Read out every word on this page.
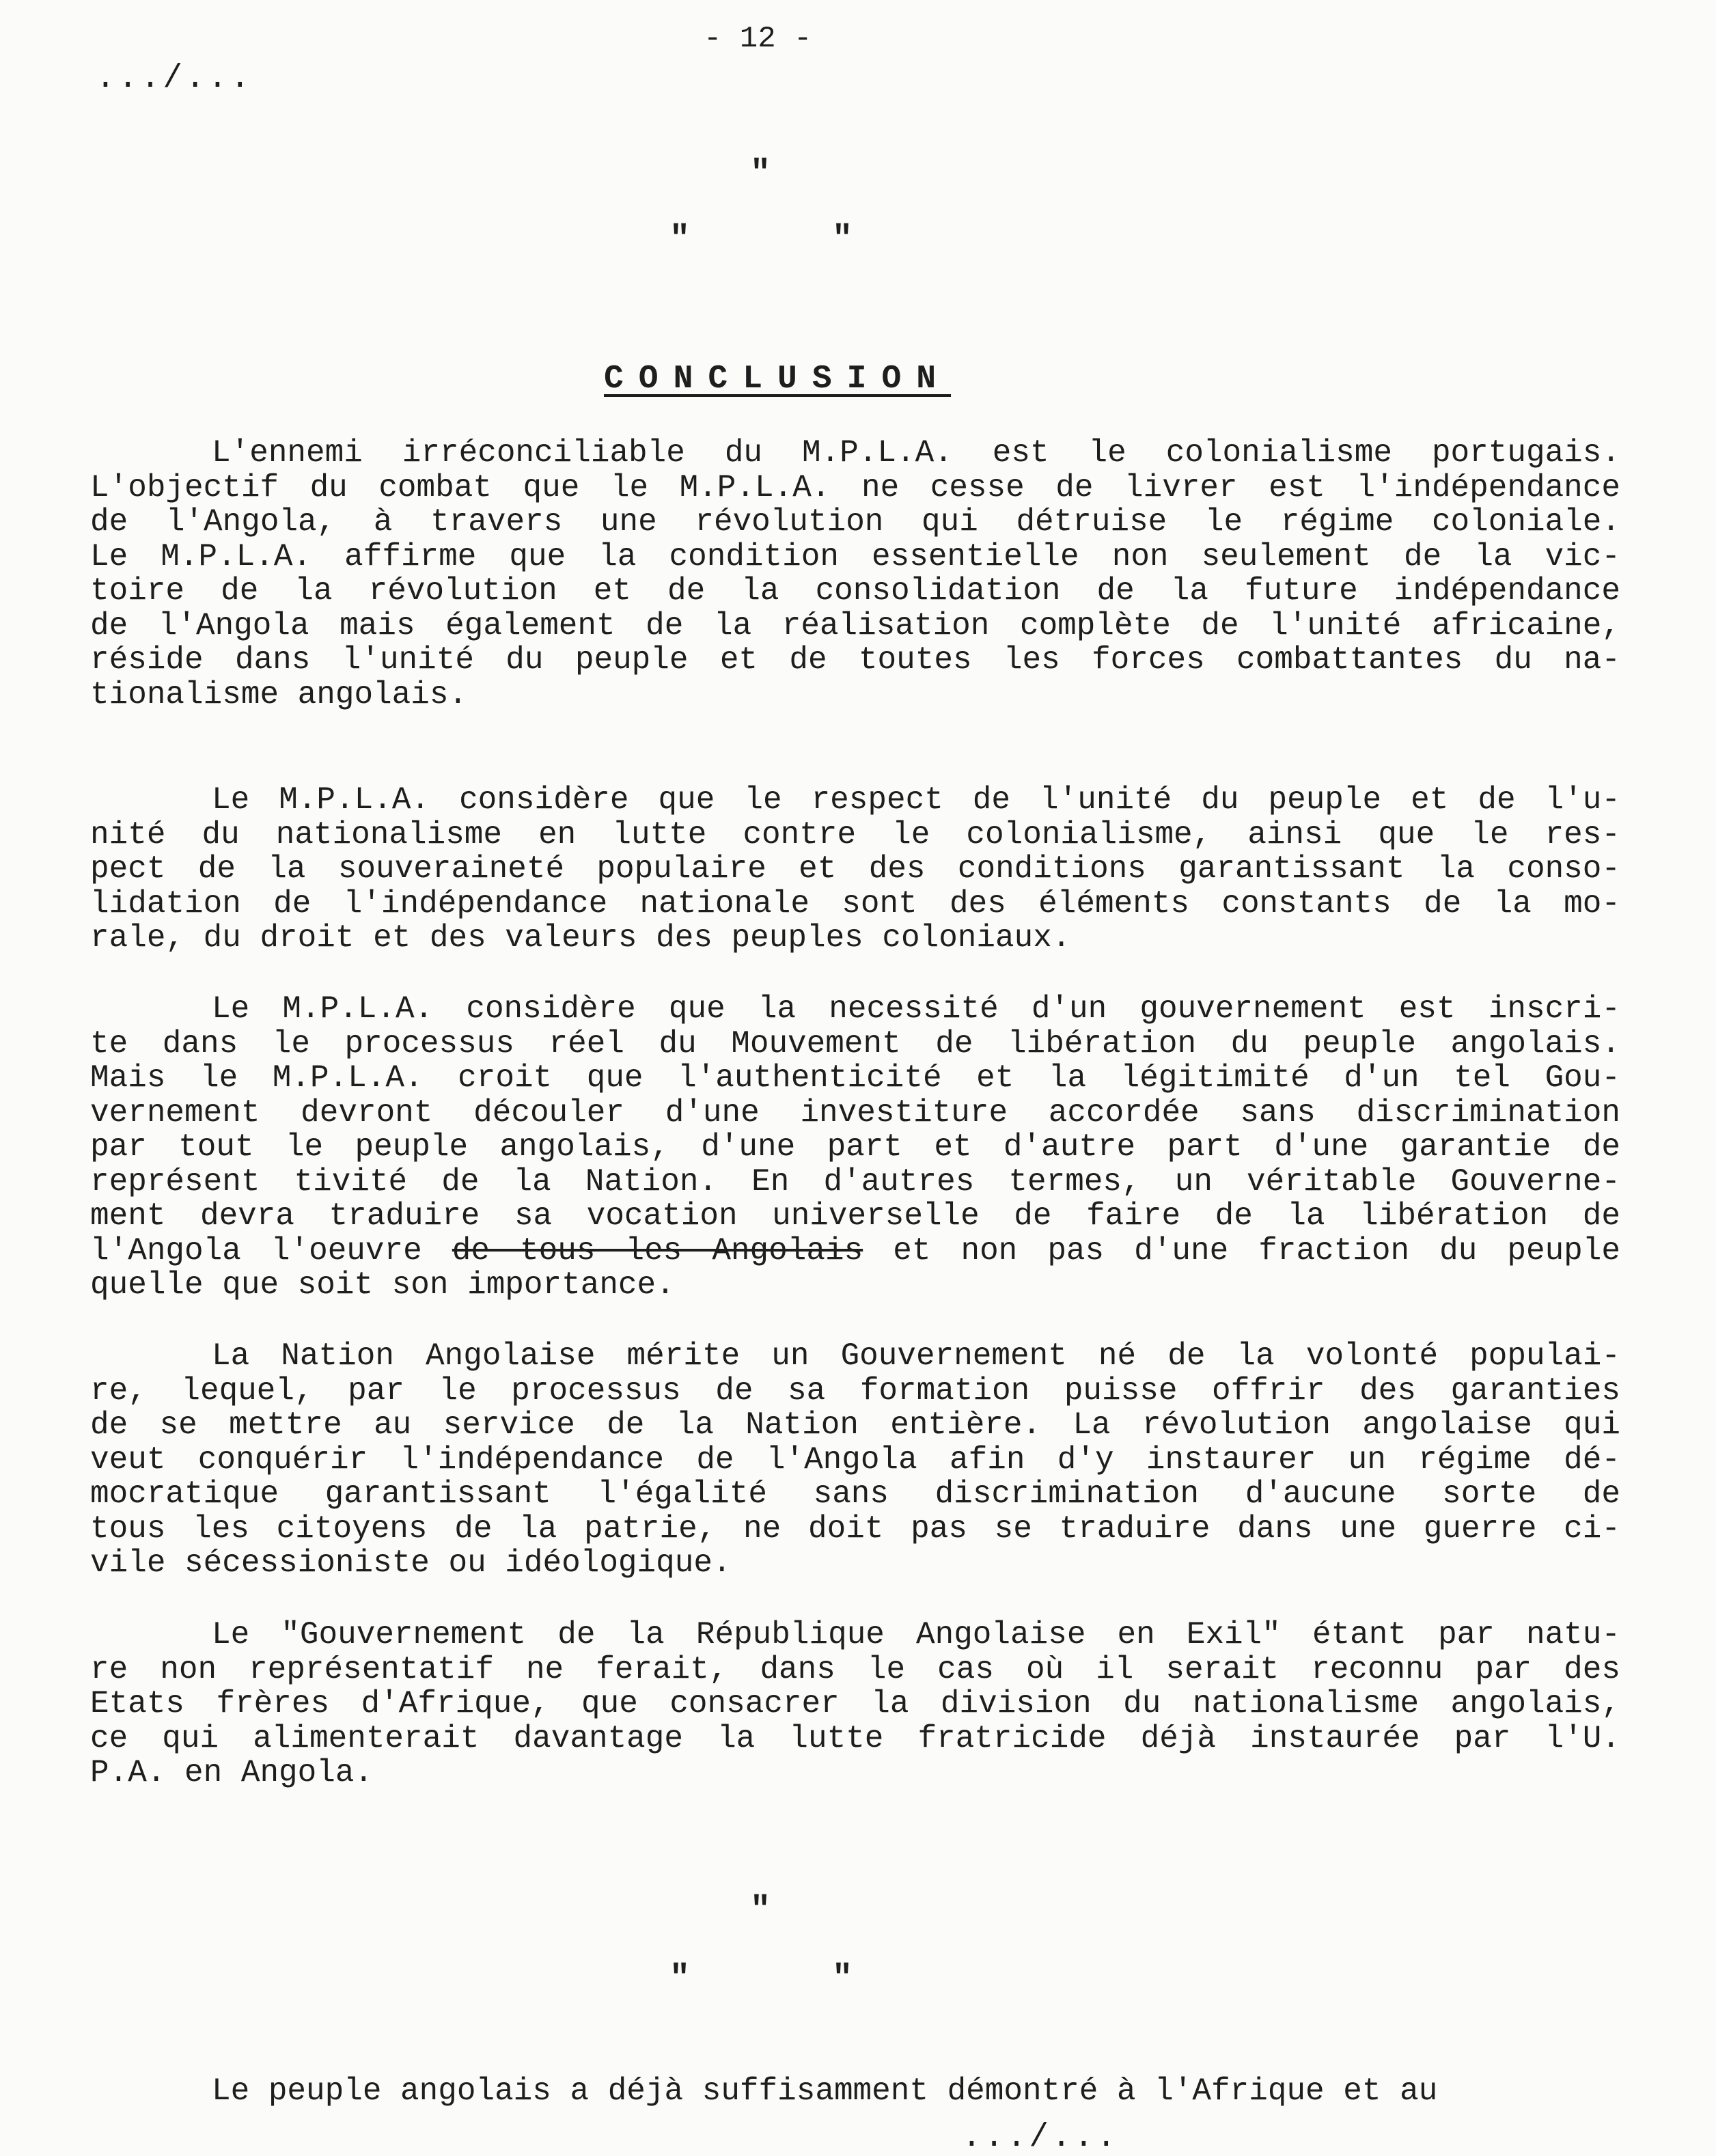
- 12 -

.../...

"
"	"
CONCLUSION
L'ennemi irréconciliable du M.P.L.A. est le colonialisme portugais.
L'objectif du combat que le M.P.L.A. ne cesse de livrer est l'indépendance
de l'Angola, à travers une révolution qui détruise le régime coloniale.
Le M.P.L.A. affirme que la condition essentielle non seulement de la vic-
toire de la révolution et de la consolidation de la future indépendance
de l'Angola mais également de la réalisation complète de l'unité africaine,
réside dans l'unité du peuple et de toutes les forces combattantes du na-
tionalisme angolais.
Le M.P.L.A. considère que le respect de l'unité du peuple et de l'u-
nité du nationalisme en lutte contre le colonialisme, ainsi que le res-
pect de la souveraineté populaire et des conditions garantissant la conso-
lidation de l'indépendance nationale sont des éléments constants de la mo-
rale, du droit et des valeurs des peuples coloniaux.
Le M.P.L.A. considère que la necessité d'un gouvernement est inscri-
te dans le processus réel du Mouvement de libération du peuple angolais.
Mais le M.P.L.A. croit que l'authenticité et la légitimité d'un tel Gou-
vernement devront découler d'une investiture accordée sans discrimination
par tout le peuple angolais, d'une part et d'autre part d'une garantie de
représent tivité de la Nation. En d'autres termes, un véritable Gouverne-
ment devra traduire sa vocation universelle de faire de la libération de
l'Angola l'oeuvre de tous les Angolais et non pas d'une fraction du peuple
quelle que soit son importance.
La Nation Angolaise mérite un Gouvernement né de la volonté populai-
re, lequel, par le processus de sa formation puisse offrir des garanties
de se mettre au service de la Nation entière. La révolution angolaise qui
veut conquérir l'indépendance de l'Angola afin d'y instaurer un régime dé-
mocratique garantissant l'égalité sans discrimination d'aucune sorte de
tous les citoyens de la patrie, ne doit pas se traduire dans une guerre ci-
vile sécessioniste ou idéologique.
Le "Gouvernement de la République Angolaise en Exil" étant par natu-
re non représentatif ne ferait, dans le cas où il serait reconnu par des
Etats frères d'Afrique, que consacrer la division du nationalisme angolais,
ce qui alimenterait davantage la lutte fratricide déjà instaurée par l'U.
P.A. en Angola.
"
"	"
Le peuple angolais a déjà suffisamment démontré à l'Afrique et au

.../...
